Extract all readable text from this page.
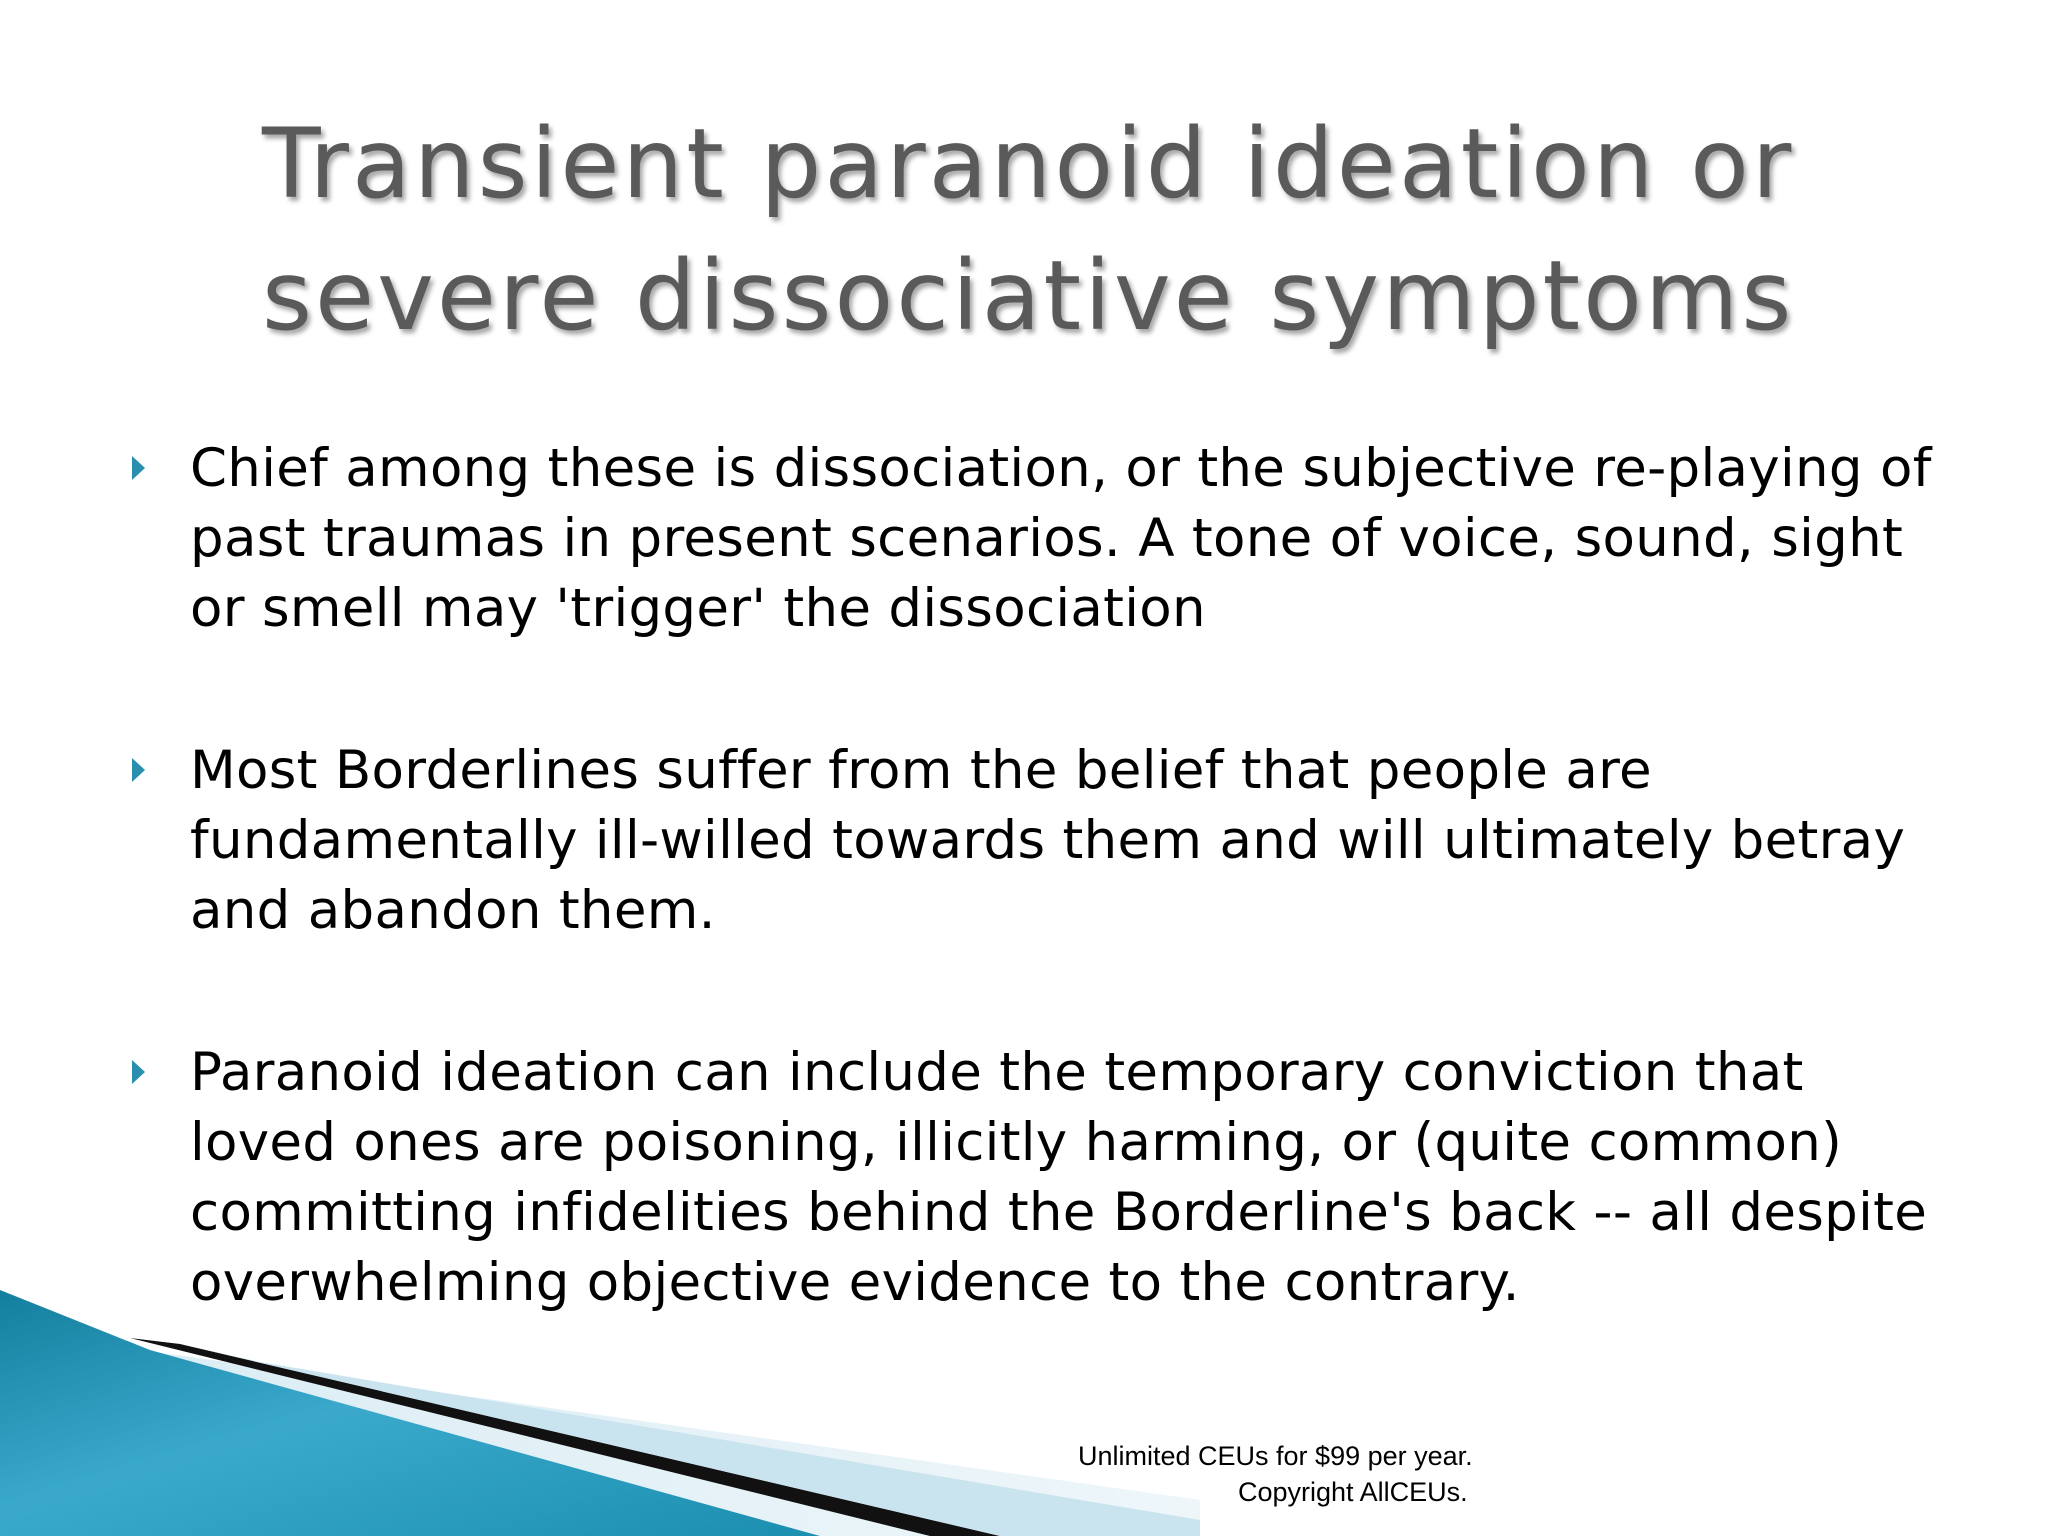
Transient paranoid ideation or
severe dissociative symptoms
Chief among these is dissociation, or the subjective re-playing of past traumas in present scenarios. A tone of voice, sound, sight or smell may 'trigger' the dissociation
Most Borderlines suffer from the belief that people are fundamentally ill-willed towards them and will ultimately betray and abandon them.
Paranoid ideation can include the temporary conviction that loved ones are poisoning, illicitly harming, or (quite common) committing infidelities behind the Borderline's back -- all despite overwhelming objective evidence to the contrary.
Unlimited CEUs for $99 per year.
Copyright AllCEUs.
